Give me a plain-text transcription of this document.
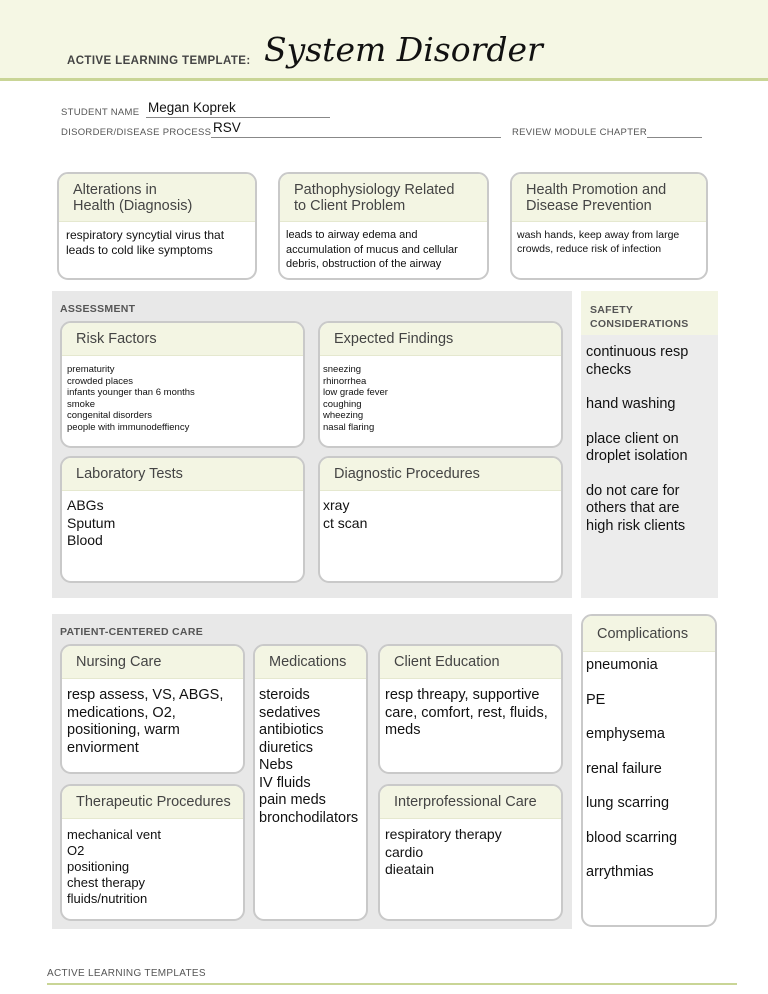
ACTIVE LEARNING TEMPLATE: System Disorder
STUDENT NAME Megan Koprek
DISORDER/DISEASE PROCESS RSV	REVIEW MODULE CHAPTER
Alterations in
Health (Diagnosis)
respiratory syncytial virus that
leads to cold like symptoms
Pathophysiology Related
to Client Problem
leads to airway edema and
accumulation of mucus and cellular
debris, obstruction of the airway
Health Promotion and
Disease Prevention
wash hands, keep away from large
crowds, reduce risk of infection
ASSESSMENT
Risk Factors
prematurity
crowded places
infants younger than 6 months
smoke
congenital disorders
people with immunodeffiency
Expected Findings
sneezing
rhinorrhea
low grade fever
coughing
wheezing
nasal flaring
Laboratory Tests
ABGs
Sputum
Blood
Diagnostic Procedures
xray
ct scan
SAFETY
CONSIDERATIONS
continuous resp
checks
hand washing
place client on
droplet isolation
do not care for
others that are
high risk clients
PATIENT-CENTERED CARE
Nursing Care
resp assess, VS, ABGS,
medications, O2,
positioning, warm
enviorment
Medications
steroids
sedatives
antibiotics
diuretics
Nebs
IV fluids
pain meds
bronchodilators
Client Education
resp threapy, supportive
care, comfort, rest, fluids,
meds
Therapeutic Procedures
mechanical vent
O2
positioning
chest therapy
fluids/nutrition
Interprofessional Care
respiratory therapy
cardio
dieatain
Complications
pneumonia
PE
emphysema
renal failure
lung scarring
blood scarring
arrythmias
ACTIVE LEARNING TEMPLATES
